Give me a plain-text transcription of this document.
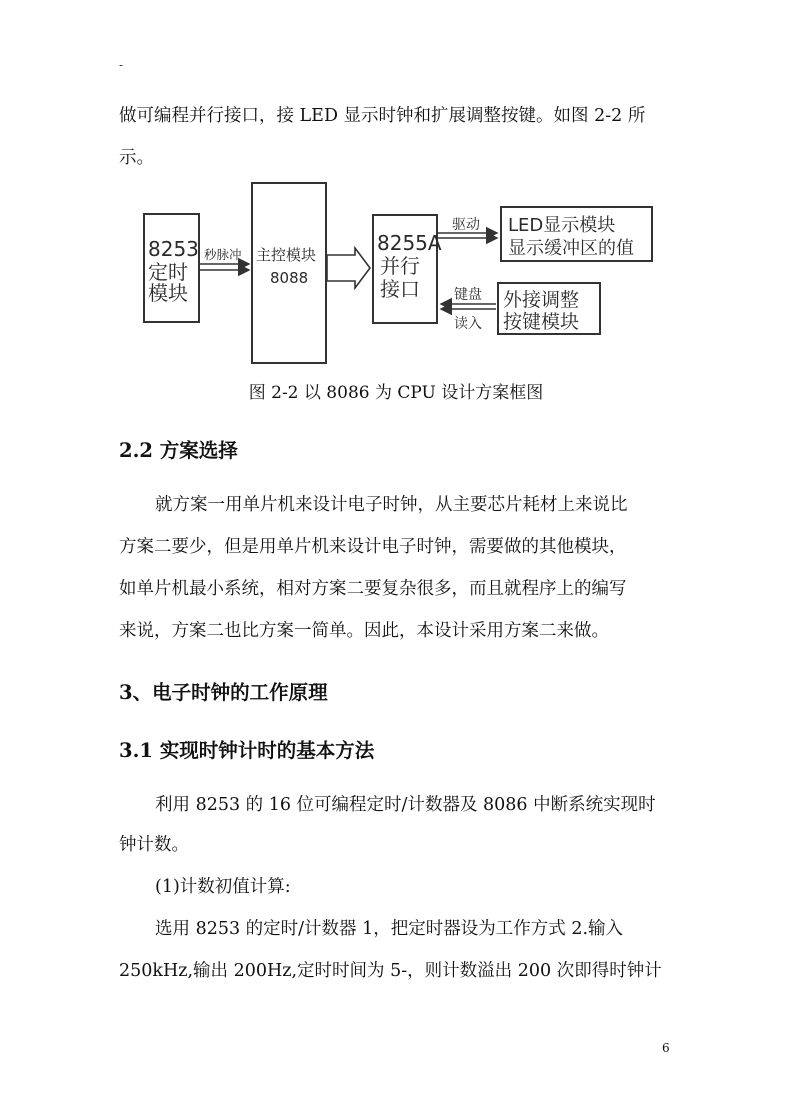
-
做可编程并行接口，接 LED 显示时钟和扩展调整按键。如图 2-2 所
示。
8253
定时
模块
8255A
并行
接口
LED显示模块
显示缓冲区的值
外接调整
按键模块
主控模块
8088
秒脉冲
驱动
键盘
读入
图 2-2 以 8086 为 CPU 设计方案框图
2.2 方案选择
就方案一用单片机来设计电子时钟，从主要芯片耗材上来说比
方案二要少，但是用单片机来设计电子时钟，需要做的其他模块，
如单片机最小系统，相对方案二要复杂很多，而且就程序上的编写
来说，方案二也比方案一简单。因此，本设计采用方案二来做。
3、电子时钟的工作原理
3.1 实现时钟计时的基本方法
利用 8253 的 16 位可编程定时/计数器及 8086 中断系统实现时
钟计数。
(1)计数初值计算:
选用 8253 的定时/计数器 1，把定时器设为工作方式 2.输入
250kHz,输出 200Hz,定时时间为 5-，则计数溢出 200 次即得时钟计
6
